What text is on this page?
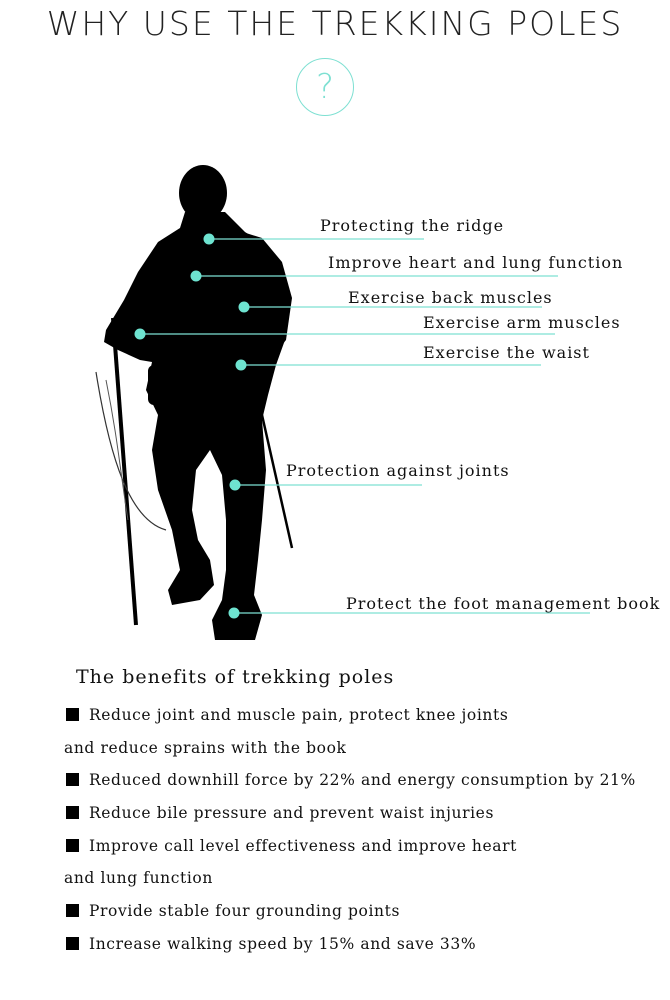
WHY USE THE TREKKING POLES
?
Protecting the ridge
Improve heart and lung function
Exercise back muscles
Exercise arm muscles
Exercise the waist
Protection against joints
Protect the foot management book
The benefits of trekking poles
Reduce joint and muscle pain, protect knee joints
and reduce sprains with the book
Reduced downhill force by 22% and energy consumption by 21%
Reduce bile pressure and prevent waist injuries
Improve call level effectiveness and improve heart
and lung function
Provide stable four grounding points
Increase walking speed by 15% and save 33%
